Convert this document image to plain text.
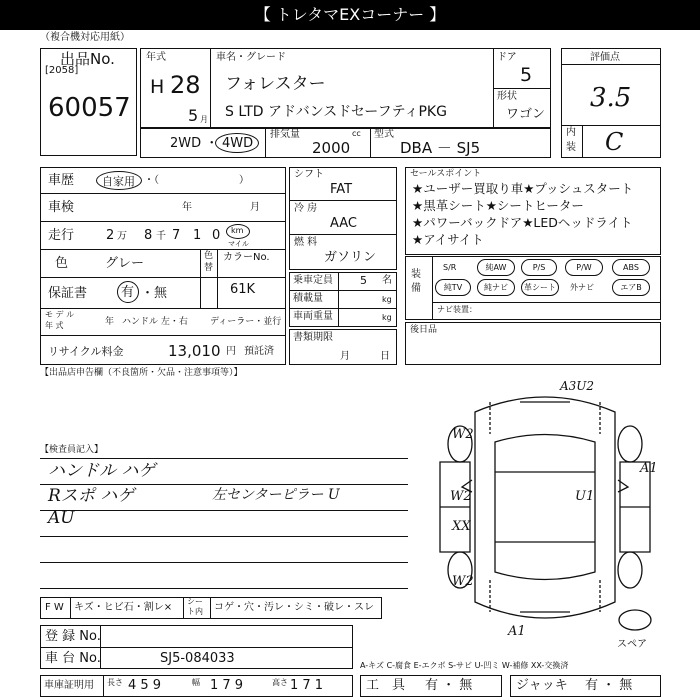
【 トレタマEXコーナー 】
（複合機対応用紙）
出品No.
[2058]
60057
年式
H 28
5 月
車名・グレード
フォレスター
S LTD アドバンスドセーフティPKG
ドア
5
形状
ワゴン
2WD ・ 4WD
排気量	cc
2000
型式
DBA － SJ5
評価点
3.5
内
装 C
車歴	自家用 ・（　　　　　　　　）
車検	年	月
走行 2 万 8 千 7 1 0 km
マイル
色	グレー	色
替
カラーNo.
61K
保証書	有 ・無
モ デ ル
年 式	年 ハンドル 左・右 ディーラー・並行
リサイクル料金	13,010 円 預託済
シフト
FAT
冷 房
AAC
燃 料
ガソリン
乗車定員 5 名
積載量	kg
車両重量	kg
書類期限
月	日
セールスポイント
★ユーザー買取り車★プッシュスタート
★黒革シート★シートヒーター
★パワーバックドア★LEDヘッドライト
★アイサイト
装備
S/R	純AW	P/S	P/W	ABS
純TV	純ナビ	革シート	外ナビ	エアB
ナビ装置：
後日品
【出品店申告欄（不良箇所・欠品・注意事項等）】
【検査員記入】
ハンドル ハゲ
Rスポ ハゲ
AU
左センターピラー U
A3U2
W2
A1
U1
W2
XX
W2
A1
スペア
F W キズ・ヒビ石・割レ×
シー
ト内 コゲ・穴・汚レ・シミ・破レ・スレ
登 録 No.
車 台 No.	SJ5-084033	A-キズ C-腐食 E-エクボ S-サビ U-凹ミ W-補修 XX-交換済
車庫証明用 長さ 4 5 9	幅 1 7 9	高さ 1 7 1	工　具 有 ・ 無	ジャッキ 有 ・ 無
